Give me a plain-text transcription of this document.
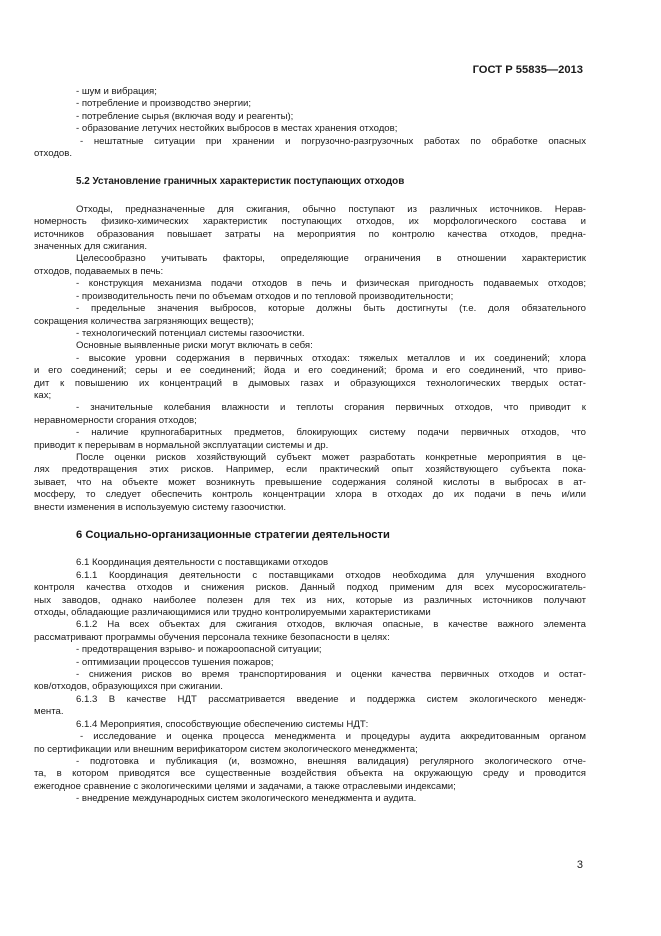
ГОСТ Р 55835—2013
- шум и вибрация;
- потребление и производство энергии;
- потребление сырья (включая воду и реагенты);
- образование летучих нестойких выбросов в местах хранения отходов;
- нештатные ситуации при хранении и погрузочно-разгрузочных работах по обработке опасных
отходов.
5.2 Установление граничных характеристик поступающих отходов
Отходы, предназначенные для сжигания, обычно поступают из различных источников. Нерав-
номерность физико-химических характеристик поступающих отходов, их морфологического состава и
источников образования повышает затраты на мероприятия по контролю качества отходов, предна-
значенных для сжигания.
Целесообразно учитывать факторы, определяющие ограничения в отношении характеристик
отходов, подаваемых в печь:
- конструкция механизма подачи отходов в печь и физическая пригодность подаваемых отходов;
- производительность печи по объемам отходов и по тепловой производительности;
- предельные значения выбросов, которые должны быть достигнуты (т.е. доля обязательного
сокращения количества загрязняющих веществ);
- технологический потенциал системы газоочистки.
Основные выявленные риски могут включать в себя:
- высокие уровни содержания в первичных отходах: тяжелых металлов и их соединений; хлора
и его соединений; серы и ее соединений; йода и его соединений; брома и его соединений, что приво-
дит к повышению их концентраций в дымовых газах и образующихся технологических твердых остат-
ках;
- значительные колебания влажности и теплоты сгорания первичных отходов, что приводит к
неравномерности сгорания отходов;
- наличие крупногабаритных предметов, блокирующих систему подачи первичных отходов, что
приводит к перерывам в нормальной эксплуатации системы и др.
После оценки рисков хозяйствующий субъект может разработать конкретные мероприятия в це-
лях предотвращения этих рисков. Например, если практический опыт хозяйствующего субъекта пока-
зывает, что на объекте может возникнуть превышение содержания соляной кислоты в выбросах в ат-
мосферу, то следует обеспечить контроль концентрации хлора в отходах до их подачи в печь и/или
внести изменения в используемую систему газоочистки.
6 Социально-организационные стратегии деятельности
6.1 Координация деятельности с поставщиками отходов
6.1.1 Координация деятельности с поставщиками отходов необходима для улучшения входного
контроля качества отходов и снижения рисков. Данный подход применим для всех мусоросжигатель-
ных заводов, однако наиболее полезен для тех из них, которые из различных источников получают
отходы, обладающие различающимися или трудно контролируемыми характеристиками
6.1.2 На всех объектах для сжигания отходов, включая опасные, в качестве важного элемента
рассматривают программы обучения персонала технике безопасности в целях:
- предотвращения взрыво- и пожароопасной ситуации;
- оптимизации процессов тушения пожаров;
- снижения рисков во время транспортирования и оценки качества первичных отходов и остат-
ков/отходов, образующихся при сжигании.
6.1.3 В качестве НДТ рассматривается введение и поддержка систем экологического менедж-
мента.
6.1.4 Мероприятия, способствующие обеспечению системы НДТ:
- исследование и оценка процесса менеджмента и процедуры аудита аккредитованным органом
по сертификации или внешним верификатором систем экологического менеджмента;
- подготовка и публикация (и, возможно, внешняя валидация) регулярного экологического отче-
та, в котором приводятся все существенные воздействия объекта на окружающую среду и проводится
ежегодное сравнение с экологическими целями и задачами, а также отраслевыми индексами;
- внедрение международных систем экологического менеджмента и аудита.
3
